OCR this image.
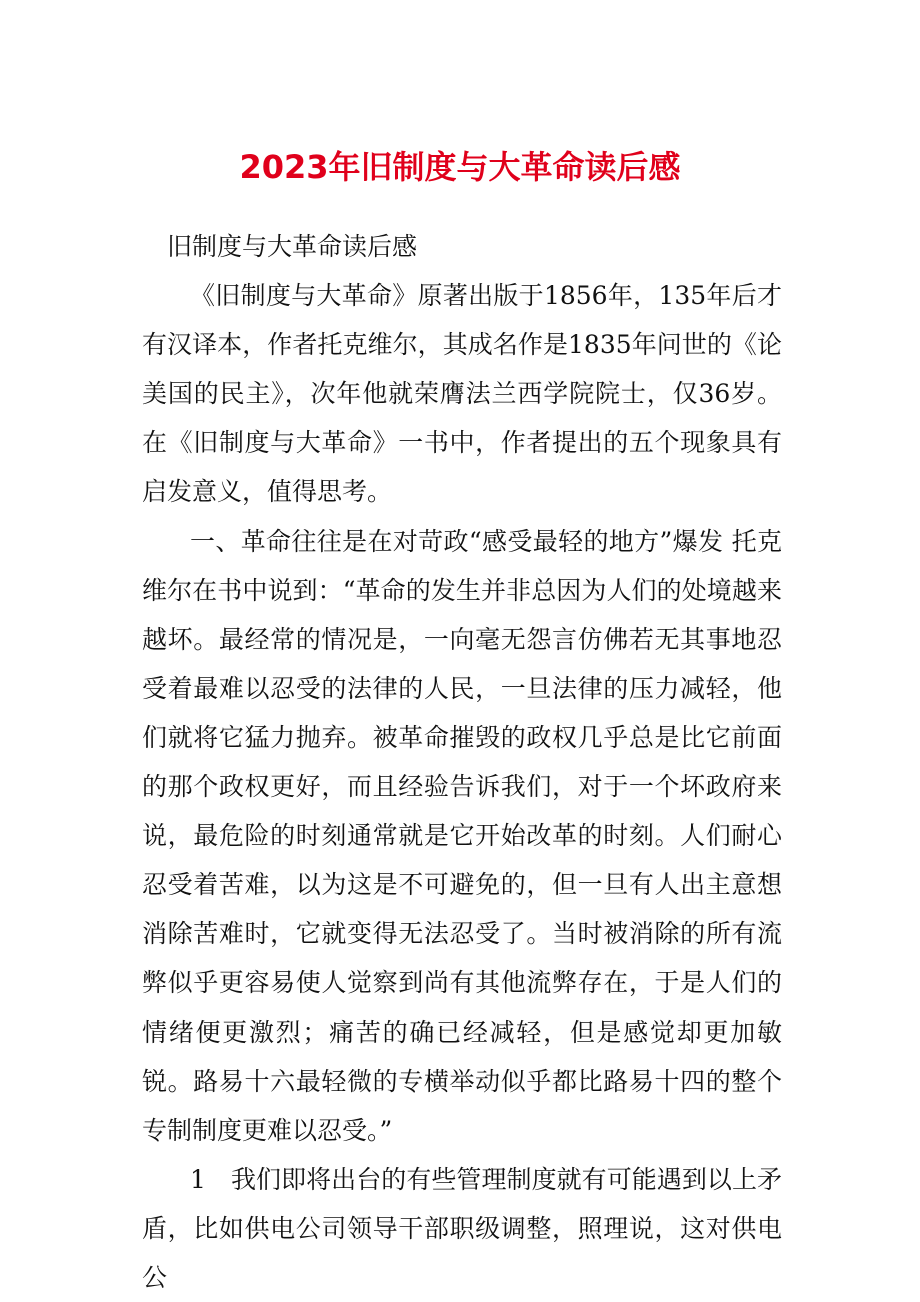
2023年旧制度与大革命读后感

旧制度与大革命读后感

《旧制度与大革命》原著出版于1856年，135年后才有汉译本，作者托克维尔，其成名作是1835年问世的《论美国的民主》，次年他就荣膺法兰西学院院士，仅36岁。在《旧制度与大革命》一书中，作者提出的五个现象具有启发意义，值得思考。

一、革命往往是在对苛政“感受最轻的地方”爆发 托克维尔在书中说到：“革命的发生并非总因为人们的处境越来越坏。最经常的情况是，一向毫无怨言仿佛若无其事地忍受着最难以忍受的法律的人民，一旦法律的压力减轻，他们就将它猛力抛弃。被革命摧毁的政权几乎总是比它前面的那个政权更好，而且经验告诉我们，对于一个坏政府来说，最危险的时刻通常就是它开始改革的时刻。人们耐心忍受着苦难，以为这是不可避免的，但一旦有人出主意想消除苦难时，它就变得无法忍受了。当时被消除的所有流弊似乎更容易使人觉察到尚有其他流弊存在，于是人们的情绪便更激烈；痛苦的确已经减轻，但是感觉却更加敏锐。路易十六最轻微的专横举动似乎都比路易十四的整个专制制度更难以忍受。”

1　我们即将出台的有些管理制度就有可能遇到以上矛盾，比如供电公司领导干部职级调整，照理说，这对供电公
